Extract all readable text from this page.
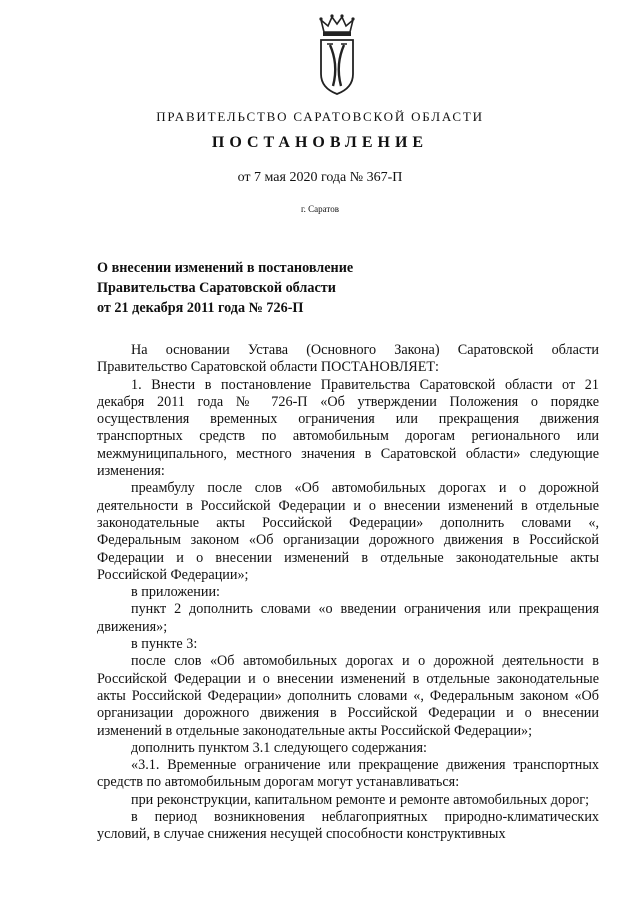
ПРАВИТЕЛЬСТВО САРАТОВСКОЙ ОБЛАСТИ
ПОСТАНОВЛЕНИЕ
от 7 мая 2020 года № 367-П
г. Саратов
О внесении изменений в постановление
Правительства Саратовской области
от 21 декабря 2011 года № 726-П

На основании Устава (Основного Закона) Саратовской области Правительство Саратовской области ПОСТАНОВЛЯЕТ:

1. Внести в постановление Правительства Саратовской области от 21 декабря 2011 года № 726-П «Об утверждении Положения о порядке осуществления временных ограничения или прекращения движения транспортных средств по автомобильным дорогам регионального или межмуниципального, местного значения в Саратовской области» следующие изменения:

преамбулу после слов «Об автомобильных дорогах и о дорожной деятельности в Российской Федерации и о внесении изменений в отдельные законодательные акты Российской Федерации» дополнить словами «, Федеральным законом «Об организации дорожного движения в Российской Федерации и о внесении изменений в отдельные законодательные акты Российской Федерации»;

в приложении:

пункт 2 дополнить словами «о введении ограничения или прекращения движения»;

в пункте 3:

после слов «Об автомобильных дорогах и о дорожной деятельности в Российской Федерации и о внесении изменений в отдельные законодательные акты Российской Федерации» дополнить словами «, Федеральным законом «Об организации дорожного движения в Российской Федерации и о внесении изменений в отдельные законодательные акты Российской Федерации»;

дополнить пунктом 3.1 следующего содержания:

«3.1. Временные ограничение или прекращение движения транспортных средств по автомобильным дорогам могут устанавливаться:

при реконструкции, капитальном ремонте и ремонте автомобильных дорог;

в период возникновения неблагоприятных природно-климатических условий, в случае снижения несущей способности конструктивных
